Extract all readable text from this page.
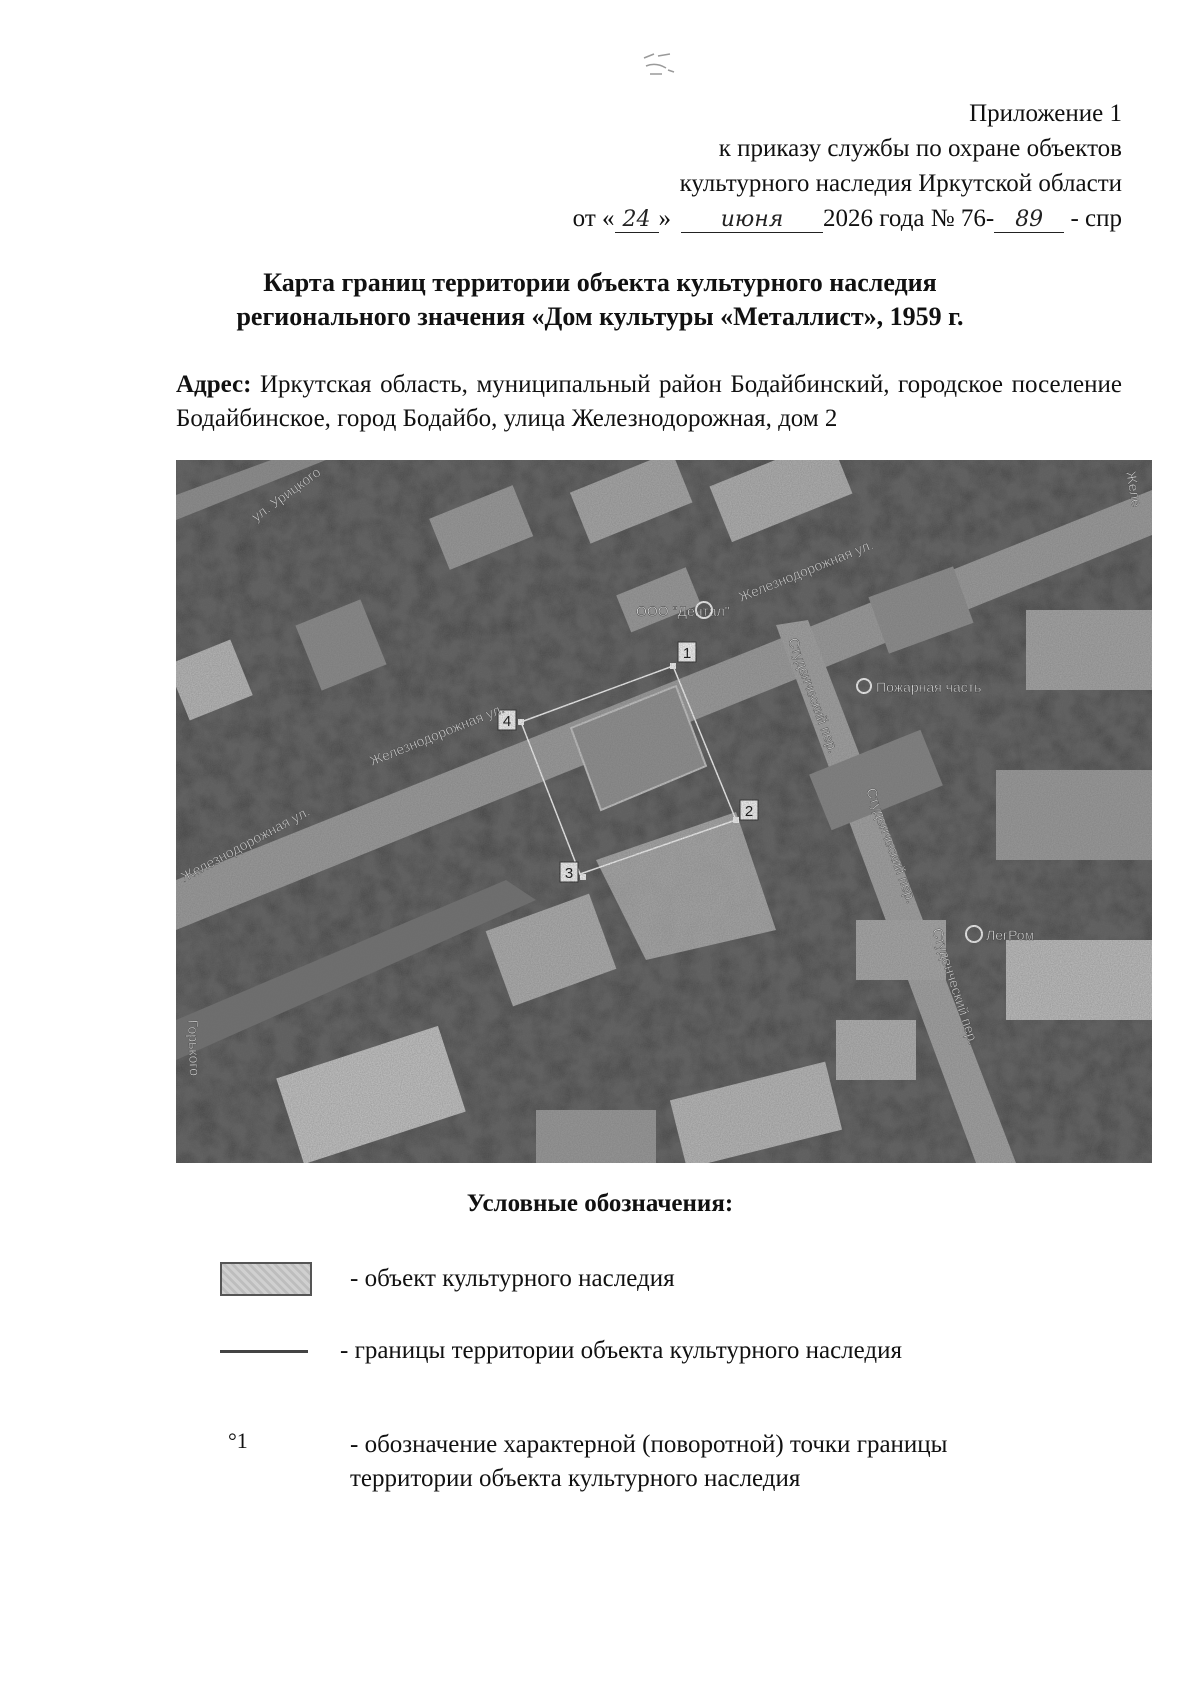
Приложение 1
к приказу службы по охране объектов
культурного наследия Иркутской области
от « 24 » июня 2026 года № 76- 89 - спр
Карта границ территории объекта культурного наследия
регионального значения «Дом культуры «Металлист», 1959 г.
Адрес: Иркутская область, муниципальный район Бодайбинский, городское поселение Бодайбинское, город Бодайбо, улица Железнодорожная, дом 2
Условные обозначения:
- объект культурного наследия
- границы территории объекта культурного наследия
°1	- обозначение характерной (поворотной) точки границы
территории объекта культурного наследия
